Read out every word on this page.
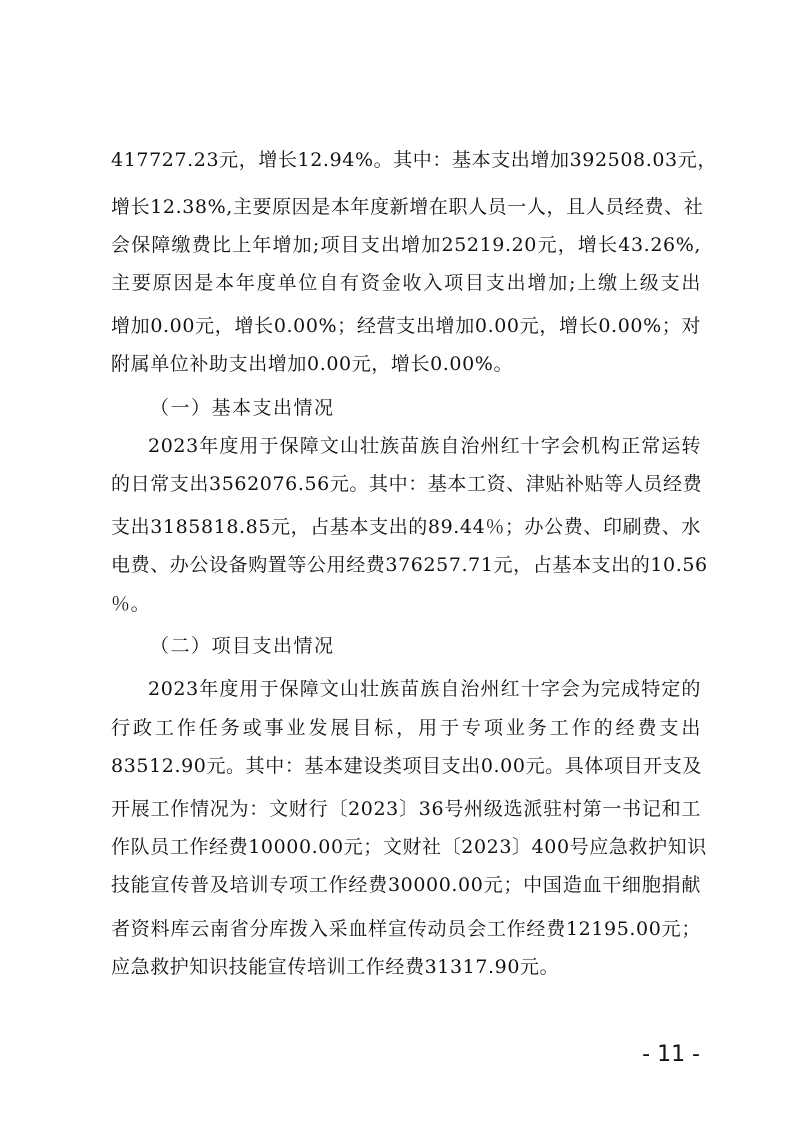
417727.23元，增长12.94%。其中：基本支出增加392508.03元，
增长12.38%,主要原因是本年度新增在职人员一人，且人员经费、社
会保障缴费比上年增加;项目支出增加25219.20元，增长43.26%,
主要原因是本年度单位自有资金收入项目支出增加;上缴上级支出
增加0.00元，增长0.00%；经营支出增加0.00元，增长0.00%；对
附属单位补助支出增加0.00元，增长0.00%。
（一）基本支出情况
2023年度用于保障文山壮族苗族自治州红十字会机构正常运转
的日常支出3562076.56元。其中：基本工资、津贴补贴等人员经费
支出3185818.85元，占基本支出的89.44％；办公费、印刷费、水
电费、办公设备购置等公用经费376257.71元，占基本支出的10.56
％。
（二）项目支出情况
2023年度用于保障文山壮族苗族自治州红十字会为完成特定的
行政工作任务或事业发展目标，用于专项业务工作的经费支出
83512.90元。其中：基本建设类项目支出0.00元。具体项目开支及
开展工作情况为：文财行〔2023〕36号州级选派驻村第一书记和工
作队员工作经费10000.00元；文财社〔2023〕400号应急救护知识
技能宣传普及培训专项工作经费30000.00元；中国造血干细胞捐献
者资料库云南省分库拨入采血样宣传动员会工作经费12195.00元；
应急救护知识技能宣传培训工作经费31317.90元。
- 11 -
